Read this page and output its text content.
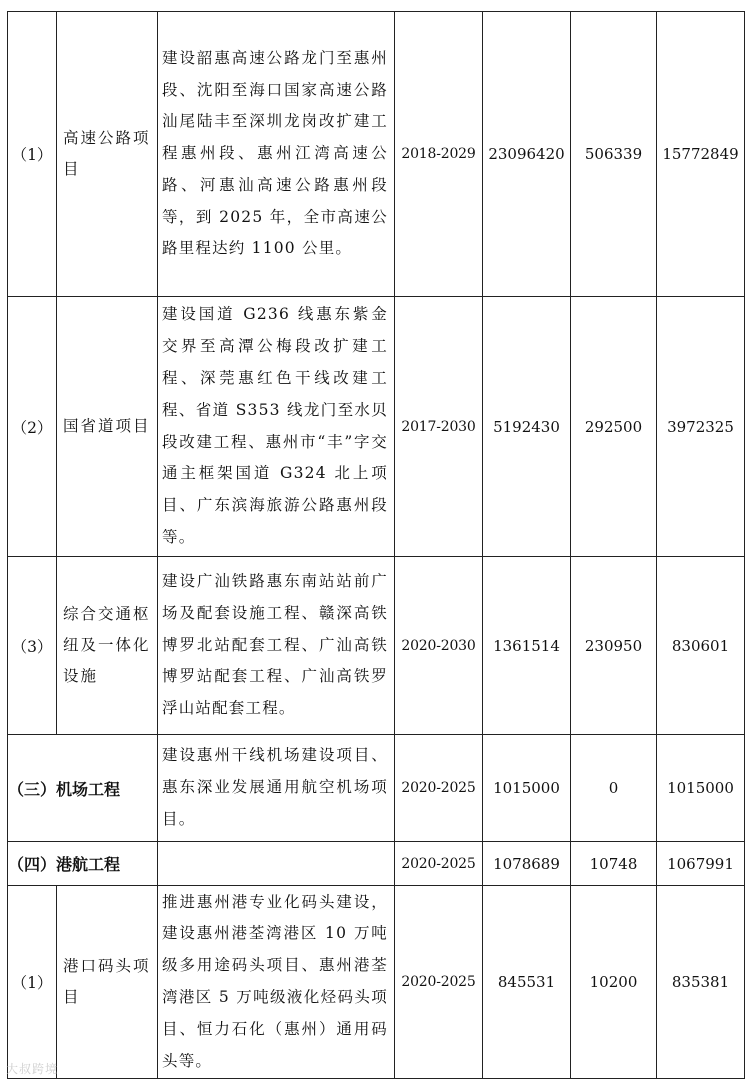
（1）	高速公路项目	建设韶惠高速公路龙门至惠州段、沈阳至海口国家高速公路汕尾陆丰至深圳龙岗改扩建工程惠州段、惠州江湾高速公路、河惠汕高速公路惠州段等，到 2025 年，全市高速公路里程达约 1100 公里。	2018-2029	23096420	506339	15772849
（2）	国省道项目	建设国道 G236 线惠东紫金交界至高潭公梅段改扩建工程、深莞惠红色干线改建工程、省道 S353 线龙门至水贝段改建工程、惠州市“丰”字交通主框架国道 G324 北上项目、广东滨海旅游公路惠州段等。	2017-2030	5192430	292500	3972325
（3）	综合交通枢纽及一体化设施	建设广汕铁路惠东南站站前广场及配套设施工程、赣深高铁博罗北站配套工程、广汕高铁博罗站配套工程、广汕高铁罗浮山站配套工程。	2020-2030	1361514	230950	830601
（三）机场工程		建设惠州干线机场建设项目、惠东深业发展通用航空机场项目。	2020-2025	1015000	0	1015000
（四）港航工程			2020-2025	1078689	10748	1067991
（1）	港口码头项目	推进惠州港专业化码头建设，建设惠州港荃湾港区 10 万吨级多用途码头项目、惠州港荃湾港区 5 万吨级液化烃码头项目、恒力石化（惠州）通用码头等。	2020-2025	845531	10200	835381
大叔跨境
